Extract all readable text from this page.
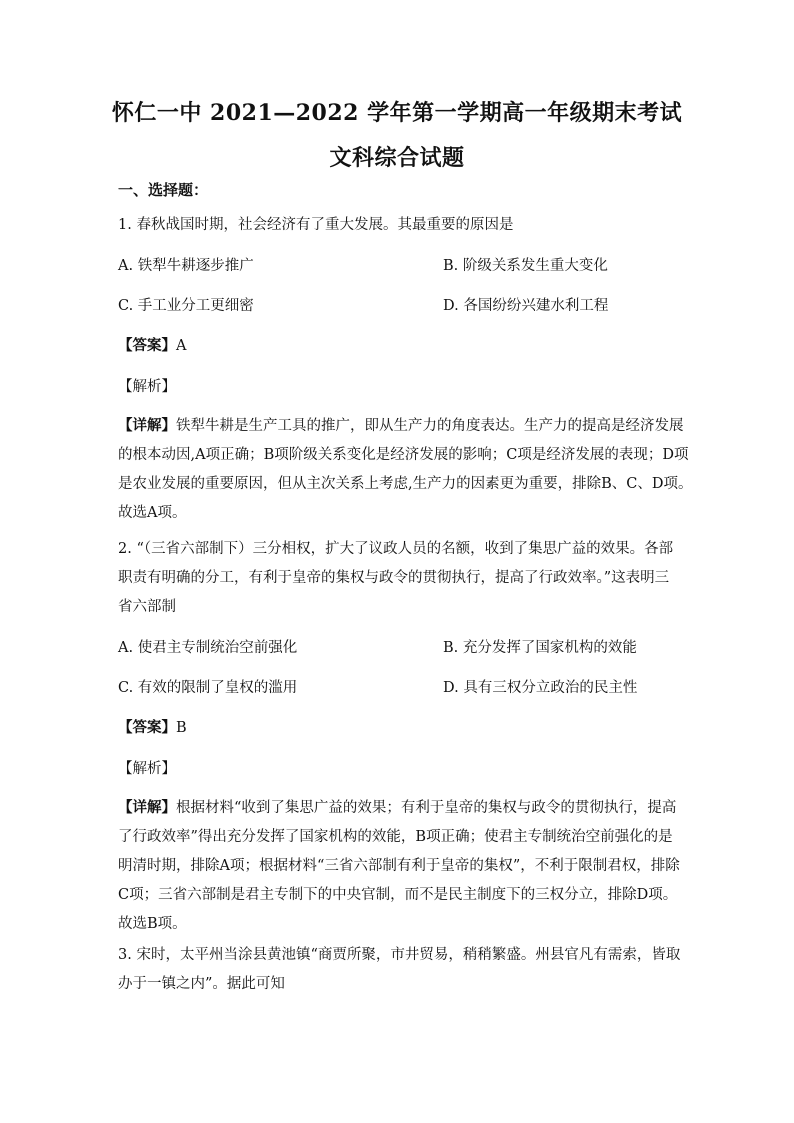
怀仁一中 2021—2022 学年第一学期高一年级期末考试
文科综合试题
一、选择题：
1. 春秋战国时期，社会经济有了重大发展。其最重要的原因是
A. 铁犁牛耕逐步推广	B. 阶级关系发生重大变化
C. 手工业分工更细密	D. 各国纷纷兴建水利工程
【答案】A
【解析】

【详解】铁犁牛耕是生产工具的推广，即从生产力的角度表达。生产力的提高是经济发展

的根本动因,A项正确；B项阶级关系变化是经济发展的影响；C项是经济发展的表现；D项

是农业发展的重要原因，但从主次关系上考虑,生产力的因素更为重要，排除B、C、D项。

故选A项。

2. “（三省六部制下）三分相权，扩大了议政人员的名额，收到了集思广益的效果。各部

职责有明确的分工，有利于皇帝的集权与政令的贯彻执行，提高了行政效率。”这表明三

省六部制

A. 使君主专制统治空前强化	B. 充分发挥了国家机构的效能
C. 有效的限制了皇权的滥用	D. 具有三权分立政治的民主性
【答案】B
【解析】

【详解】根据材料“收到了集思广益的效果；有利于皇帝的集权与政令的贯彻执行，提高

了行政效率”得出充分发挥了国家机构的效能，B项正确；使君主专制统治空前强化的是

明清时期，排除A项；根据材料“三省六部制有利于皇帝的集权”，不利于限制君权，排除

C项；三省六部制是君主专制下的中央官制，而不是民主制度下的三权分立，排除D项。

故选B项。

3. 宋时，太平州当涂县黄池镇“商贾所聚，市井贸易，稍稍繁盛。州县官凡有需索，皆取

办于一镇之内”。据此可知
